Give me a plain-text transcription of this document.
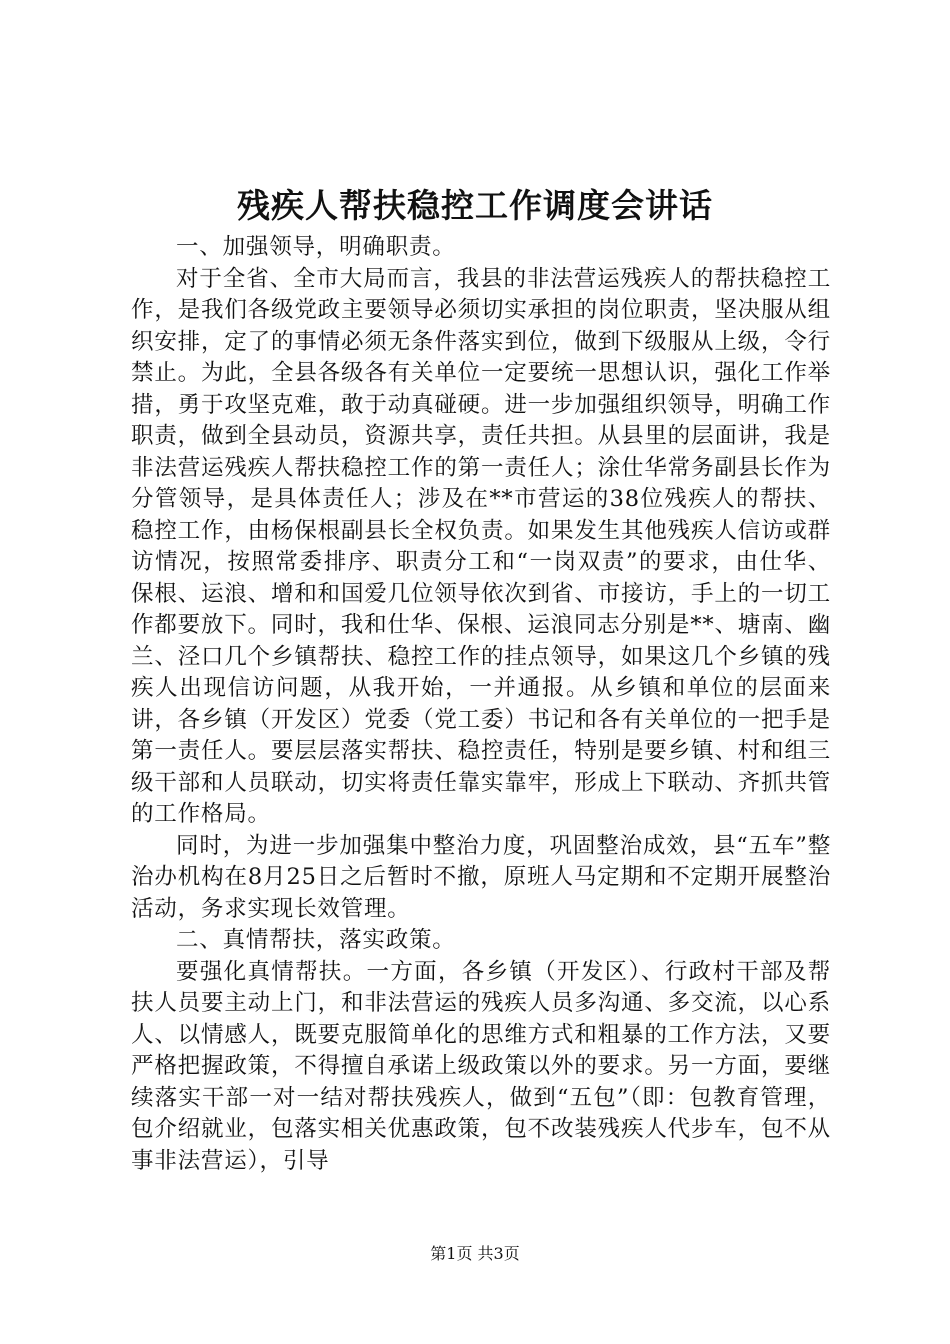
残疾人帮扶稳控工作调度会讲话

一、加强领导，明确职责。

对于全省、全市大局而言，我县的非法营运残疾人的帮扶稳控工作，是我们各级党政主要领导必须切实承担的岗位职责，坚决服从组织安排，定了的事情必须无条件落实到位，做到下级服从上级，令行禁止。为此，全县各级各有关单位一定要统一思想认识，强化工作举措，勇于攻坚克难，敢于动真碰硬。进一步加强组织领导，明确工作职责，做到全县动员，资源共享，责任共担。从县里的层面讲，我是非法营运残疾人帮扶稳控工作的第一责任人；涂仕华常务副县长作为分管领导，是具体责任人；涉及在**市营运的38位残疾人的帮扶、稳控工作，由杨保根副县长全权负责。如果发生其他残疾人信访或群访情况，按照常委排序、职责分工和“一岗双责”的要求，由仕华、保根、运浪、增和和国爱几位领导依次到省、市接访，手上的一切工作都要放下。同时，我和仕华、保根、运浪同志分别是**、塘南、幽兰、泾口几个乡镇帮扶、稳控工作的挂点领导，如果这几个乡镇的残疾人出现信访问题，从我开始，一并通报。从乡镇和单位的层面来讲，各乡镇（开发区）党委（党工委）书记和各有关单位的一把手是第一责任人。要层层落实帮扶、稳控责任，特别是要乡镇、村和组三级干部和人员联动，切实将责任靠实靠牢，形成上下联动、齐抓共管的工作格局。

同时，为进一步加强集中整治力度，巩固整治成效，县“五车”整治办机构在8月25日之后暂时不撤，原班人马定期和不定期开展整治活动，务求实现长效管理。

二、真情帮扶，落实政策。

要强化真情帮扶。一方面，各乡镇（开发区）、行政村干部及帮扶人员要主动上门，和非法营运的残疾人员多沟通、多交流，以心系人、以情感人，既要克服简单化的思维方式和粗暴的工作方法，又要严格把握政策，不得擅自承诺上级政策以外的要求。另一方面，要继续落实干部一对一结对帮扶残疾人，做到“五包”（即：包教育管理，包介绍就业，包落实相关优惠政策，包不改装残疾人代步车，包不从事非法营运），引导

第1页 共3页
